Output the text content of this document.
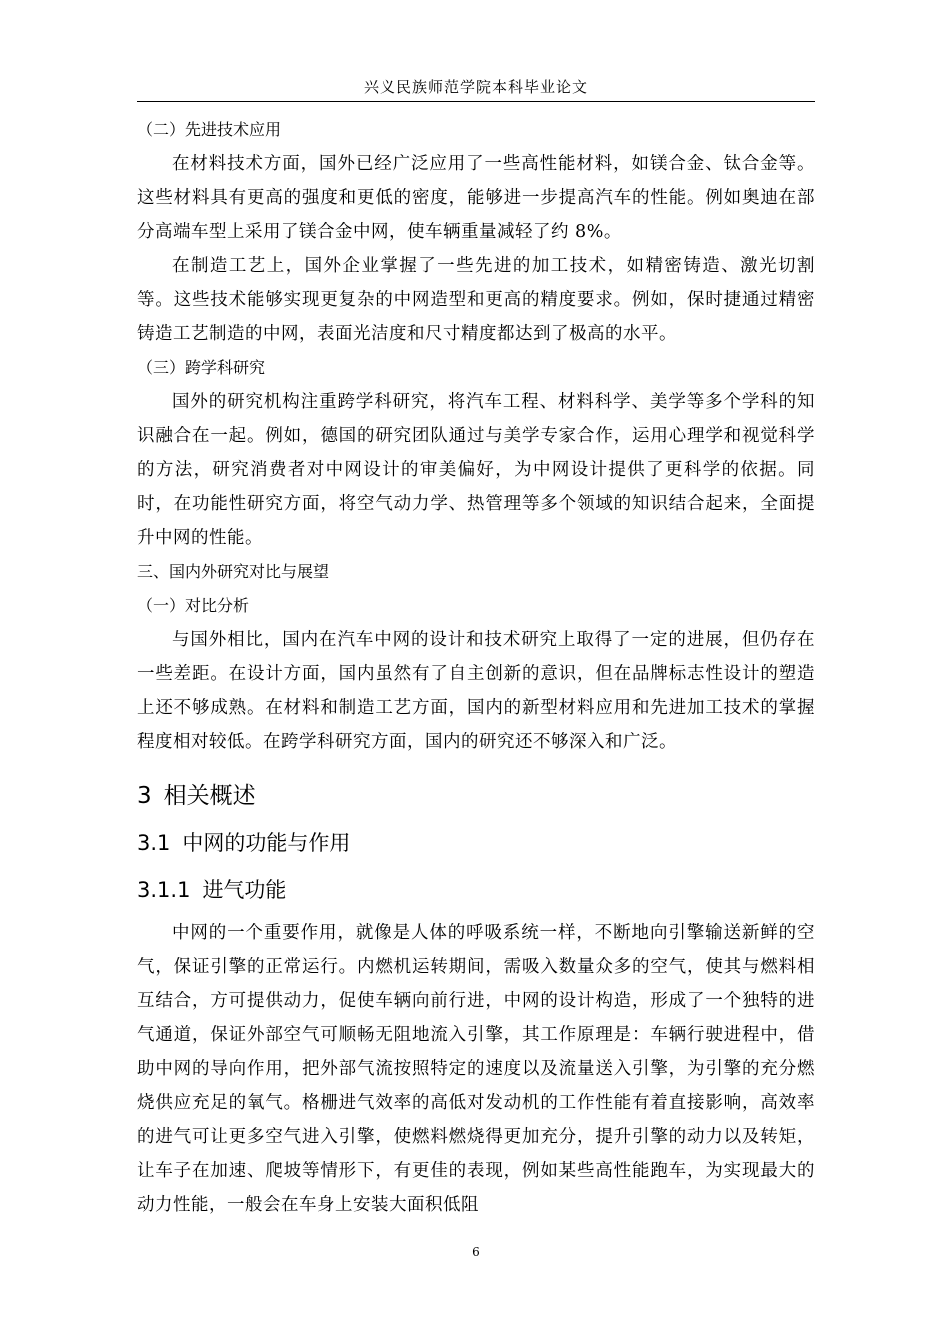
兴义民族师范学院本科毕业论文

（二）先进技术应用

在材料技术方面，国外已经广泛应用了一些高性能材料，如镁合金、钛合金等。这些材料具有更高的强度和更低的密度，能够进一步提高汽车的性能。例如奥迪在部分高端车型上采用了镁合金中网，使车辆重量减轻了约 8%。

在制造工艺上，国外企业掌握了一些先进的加工技术，如精密铸造、激光切割等。这些技术能够实现更复杂的中网造型和更高的精度要求。例如，保时捷通过精密铸造工艺制造的中网，表面光洁度和尺寸精度都达到了极高的水平。

（三）跨学科研究

国外的研究机构注重跨学科研究，将汽车工程、材料科学、美学等多个学科的知识融合在一起。例如，德国的研究团队通过与美学专家合作，运用心理学和视觉科学的方法，研究消费者对中网设计的审美偏好，为中网设计提供了更科学的依据。同时，在功能性研究方面，将空气动力学、热管理等多个领域的知识结合起来，全面提升中网的性能。

三、国内外研究对比与展望

（一）对比分析

与国外相比，国内在汽车中网的设计和技术研究上取得了一定的进展，但仍存在一些差距。在设计方面，国内虽然有了自主创新的意识，但在品牌标志性设计的塑造上还不够成熟。在材料和制造工艺方面，国内的新型材料应用和先进加工技术的掌握程度相对较低。在跨学科研究方面，国内的研究还不够深入和广泛。

3 相关概述
3.1 中网的功能与作用
3.1.1 进气功能

中网的一个重要作用，就像是人体的呼吸系统一样，不断地向引擎输送新鲜的空气，保证引擎的正常运行。内燃机运转期间，需吸入数量众多的空气，使其与燃料相互结合，方可提供动力，促使车辆向前行进，中网的设计构造，形成了一个独特的进气通道，保证外部空气可顺畅无阻地流入引擎，其工作原理是：车辆行驶进程中，借助中网的导向作用，把外部气流按照特定的速度以及流量送入引擎，为引擎的充分燃烧供应充足的氧气。格栅进气效率的高低对发动机的工作性能有着直接影响，高效率的进气可让更多空气进入引擎，使燃料燃烧得更加充分，提升引擎的动力以及转矩，让车子在加速、爬坡等情形下，有更佳的表现，例如某些高性能跑车，为实现最大的动力性能，一般会在车身上安装大面积低阻

6
